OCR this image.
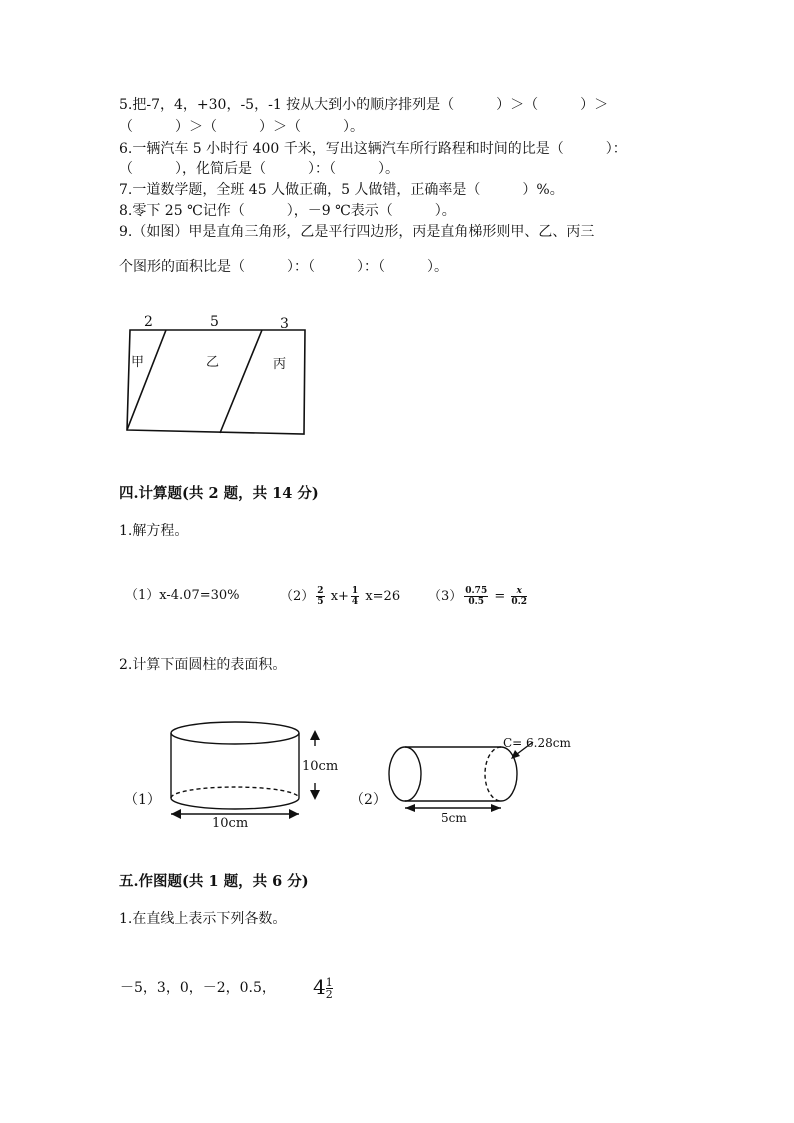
5.把-7，4，+30，-5，-1 按从大到小的顺序排列是（　　　）＞（　　　）＞
（　　　）＞（　　　）＞（　　　）。
6.一辆汽车 5 小时行 400 千米，写出这辆汽车所行路程和时间的比是（　　　）：
（　　　），化简后是（　　　）：（　　　）。
7.一道数学题，全班 45 人做正确，5 人做错，正确率是（　　　）%。
8.零下 25 ℃记作（　　　），－9 ℃表示（　　　）。
9.（如图）甲是直角三角形，乙是平行四边形，丙是直角梯形则甲、乙、丙三
个图形的面积比是（　　　）：（　　　）：（　　　）。
2	5	3
甲	乙	丙
四.计算题(共 2 题，共 14 分)
1.解方程。
（1）x-4.07=30%	$(2) \frac{2}{5} x+ \frac{1}{4} x=26$ $(3) \frac{0.75}{0.5} = \frac{x}{0.2}$
2.计算下面圆柱的表面积。
（1）
10cm
10cm
（2）
C= 6.28cm
5cm
五.作图题(共 1 题，共 6 分)
1.在直线上表示下列各数。
－5，3，0，－2，0.5， $4 \frac{1}{2}$
